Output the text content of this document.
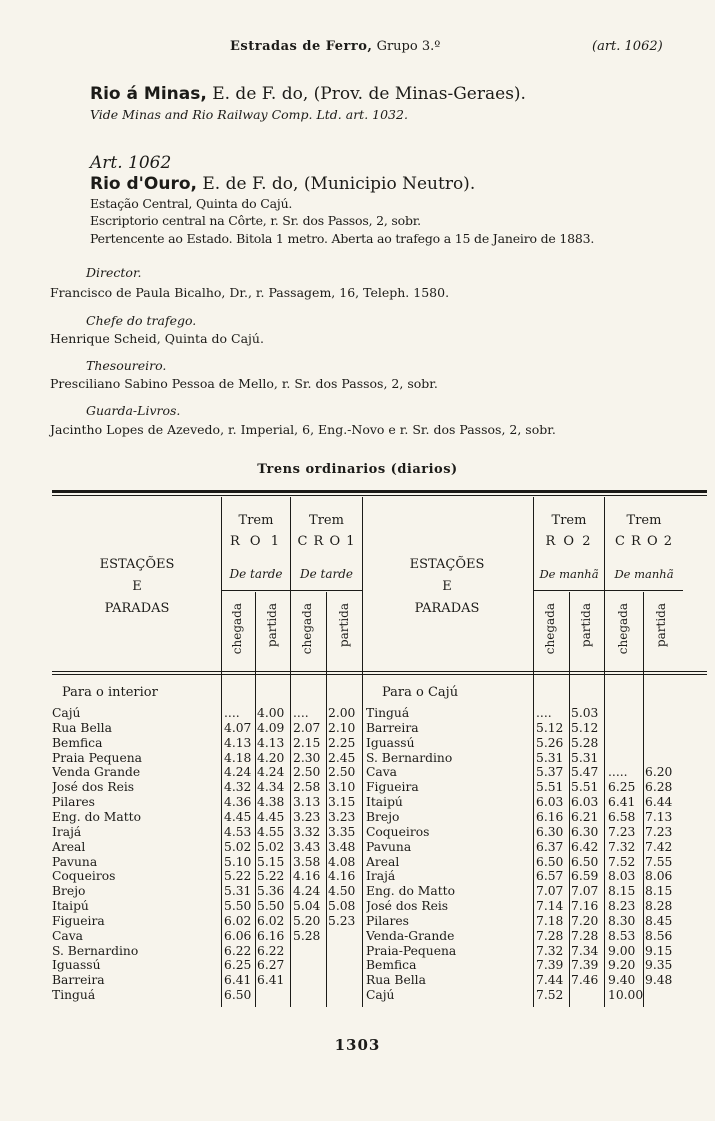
Estradas de Ferro, Grupo 3.º	(art. 1062)
Rio á Minas, E. de F. do, (Prov. de Minas-Geraes).
Vide Minas and Rio Railway Comp. Ltd. art. 1032.
Art. 1062
Rio d'Ouro, E. de F. do, (Municipio Neutro).
Estação Central, Quinta do Cajú.
Escriptorio central na Côrte, r. Sr. dos Passos, 2, sobr.
Pertencente ao Estado. Bitola 1 metro. Aberta ao trafego a 15 de Janeiro de 1883.
Director.
Francisco de Paula Bicalho, Dr., r. Passagem, 16, Teleph. 1580.
Chefe do trafego.
Henrique Scheid, Quinta do Cajú.
Thesoureiro.
Presciliano Sabino Pessoa de Mello, r. Sr. dos Passos, 2, sobr.
Guarda-Livros.
Jacintho Lopes de Azevedo, r. Imperial, 6, Eng.-Novo e r. Sr. dos Passos, 2, sobr.
Trens ordinarios (diarios)
ESTAÇÕES
E
PARADAS
Trem
R O 1
De tarde
Trem
C R O 1
De tarde
chegada partida chegada partida
ESTAÇÕES
E
PARADAS
Trem
R O 2
De manhã
Trem
C R O 2
De manhã
chegada partida chegada partida
Para o interior	Para o Cajú
Cajú	....	4.00 ....	2.00
Rua Bella	4.07 4.09 2.07 2.10
Bemfica	4.13 4.13 2.15 2.25
Praia Pequena	4.18 4.20 2.30 2.45
Venda Grande	4.24 4.24 2.50 2.50
José dos Reis	4.32 4.34 2.58 3.10
Pilares	4.36 4.38 3.13 3.15
Eng. do Matto	4.45 4.45 3.23 3.23
Irajá	4.53 4.55 3.32 3.35
Areal	5.02 5.02 3.43 3.48
Pavuna	5.10 5.15 3.58 4.08
Coqueiros	5.22 5.22 4.16 4.16
Brejo	5.31 5.36 4.24 4.50
Itaipú	5.50 5.50 5.04 5.08
Figueira	6.02 6.02 5.20 5.23
Cava	6.06 6.16 5.28
S. Bernardino	6.22 6.22
Iguassú	6.25 6.27
Barreira	6.41 6.41
Tinguá	6.50
Tinguá	....	5.03
Barreira	5.12 5.12
Iguassú	5.26 5.28
S. Bernardino	5.31 5.31
Cava	5.37 5.47 .....	6.20
Figueira	5.51 5.51 6.25 6.28
Itaipú	6.03 6.03 6.41 6.44
Brejo	6.16 6.21 6.58 7.13
Coqueiros	6.30 6.30 7.23 7.23
Pavuna	6.37 6.42 7.32 7.42
Areal	6.50 6.50 7.52 7.55
Irajá	6.57 6.59 8.03 8.06
Eng. do Matto	7.07 7.07 8.15 8.15
José dos Reis	7.14 7.16 8.23 8.28
Pilares	7.18 7.20 8.30 8.45
Venda-Grande	7.28 7.28 8.53 8.56
Praia-Pequena	7.32 7.34 9.00 9.15
Bemfica	7.39 7.39 9.20 9.35
Rua Bella	7.44 7.46 9.40 9.48
Cajú	7.52	10.00
1303
